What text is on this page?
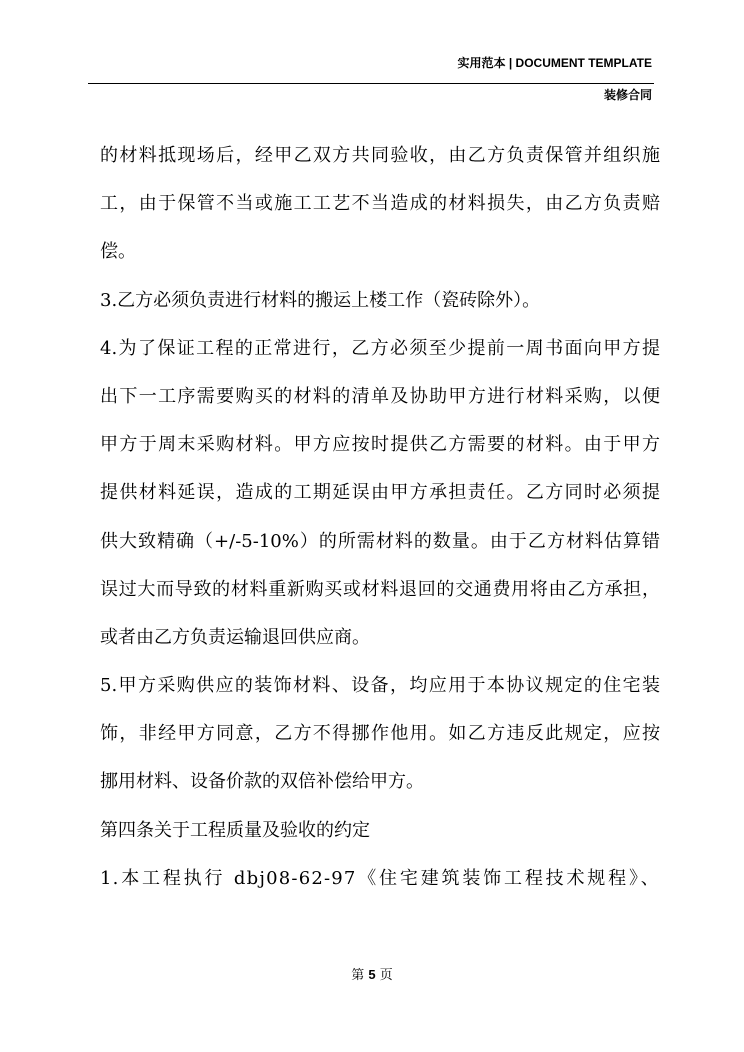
实用范本 | DOCUMENT TEMPLATE
装修合同
的材料抵现场后，经甲乙双方共同验收，由乙方负责保管并组织施
工，由于保管不当或施工工艺不当造成的材料损失，由乙方负责赔
偿。
3.乙方必须负责进行材料的搬运上楼工作（瓷砖除外）。
4.为了保证工程的正常进行，乙方必须至少提前一周书面向甲方提
出下一工序需要购买的材料的清单及协助甲方进行材料采购，以便
甲方于周末采购材料。甲方应按时提供乙方需要的材料。由于甲方
提供材料延误，造成的工期延误由甲方承担责任。乙方同时必须提
供大致精确（+/-5-10%）的所需材料的数量。由于乙方材料估算错
误过大而导致的材料重新购买或材料退回的交通费用将由乙方承担，
或者由乙方负责运输退回供应商。
5.甲方采购供应的装饰材料、设备，均应用于本协议规定的住宅装
饰，非经甲方同意，乙方不得挪作他用。如乙方违反此规定，应按
挪用材料、设备价款的双倍补偿给甲方。
第四条关于工程质量及验收的约定
1.本工程执行 dbj08-62-97《住宅建筑装饰工程技术规程》、
第 5 页
